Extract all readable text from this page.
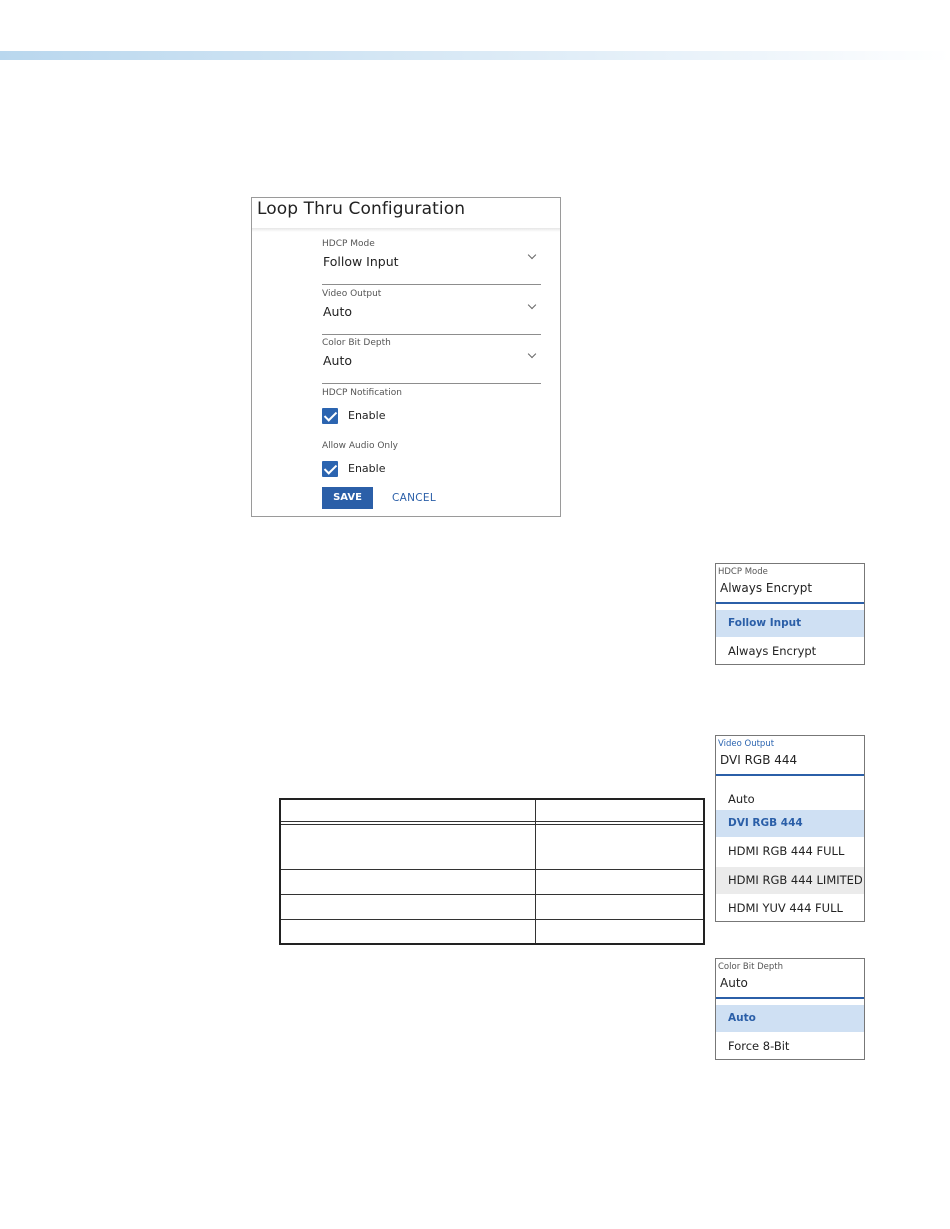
Loop Thru Configuration
HDCP Mode
Follow Input
Video Output
Auto
Color Bit Depth
Auto
HDCP Notification
Enable
Allow Audio Only
Enable
SAVE	CANCEL
HDCP Mode
Always Encrypt
Follow Input
Always Encrypt
Video Output
DVI RGB 444
Auto
DVI RGB 444
HDMI RGB 444 FULL
HDMI RGB 444 LIMITED
HDMI YUV 444 FULL
Color Bit Depth
Auto
Auto
Force 8-Bit
